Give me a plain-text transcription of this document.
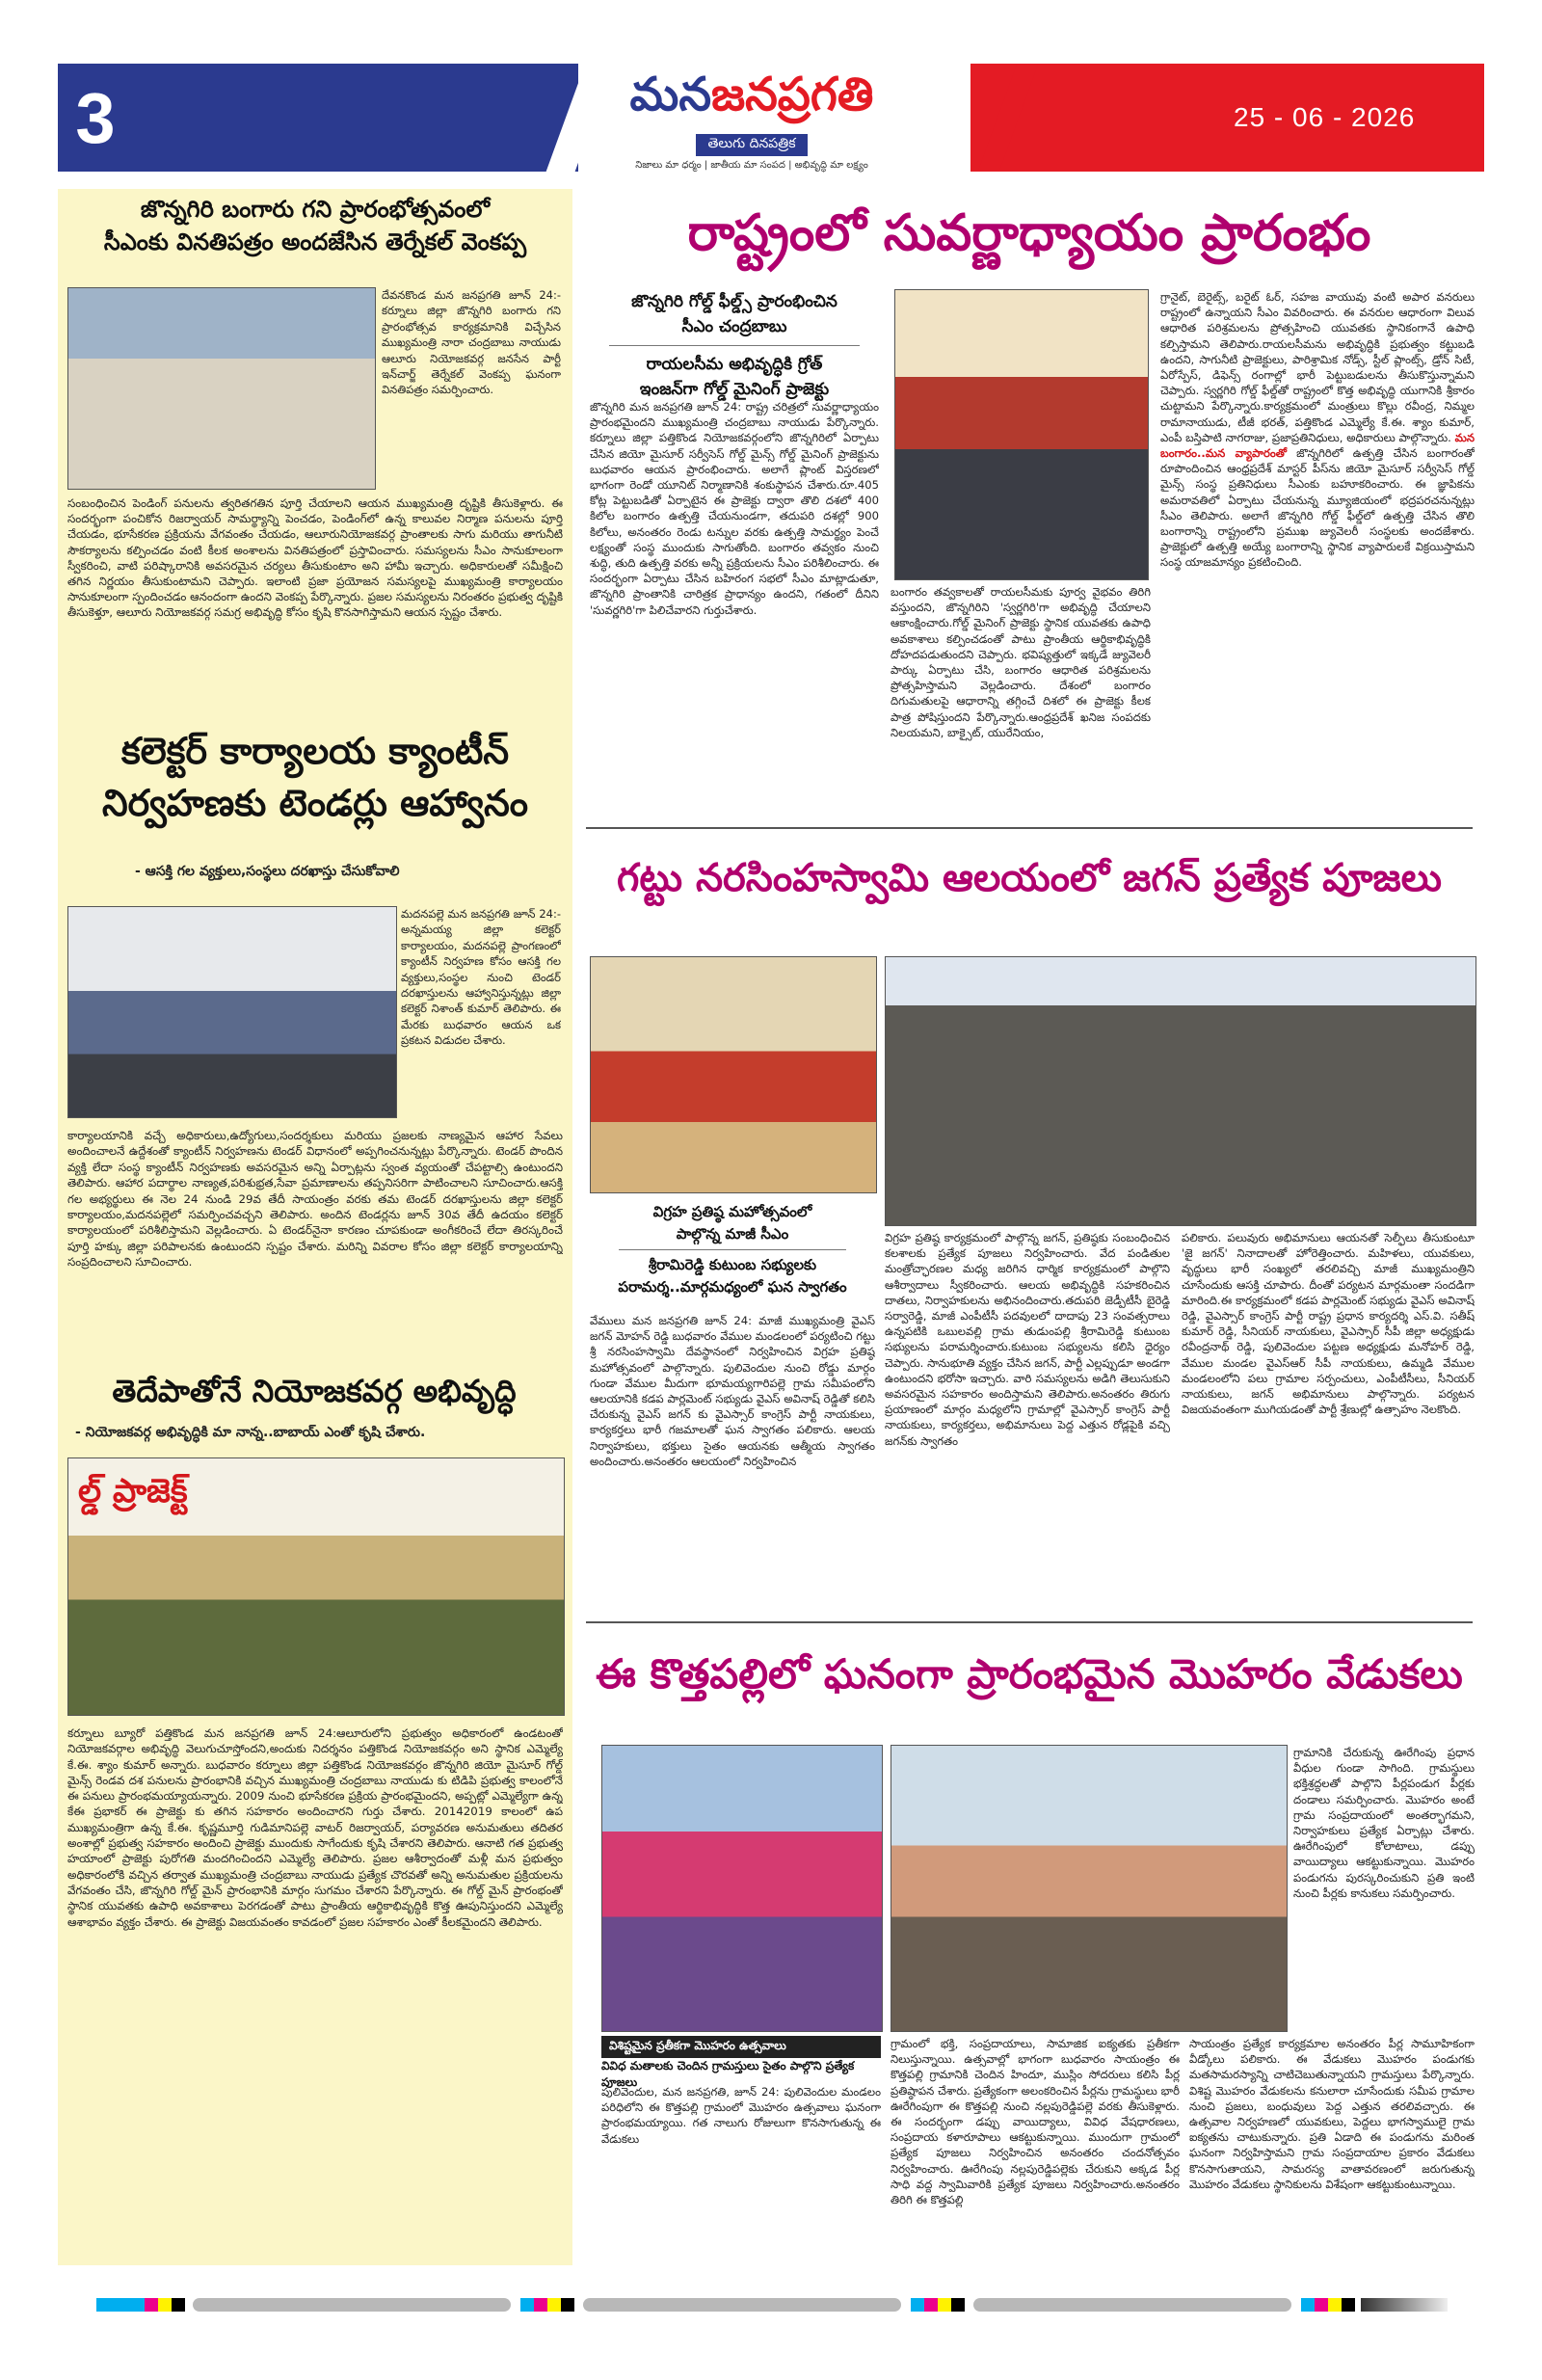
3	మనజనప్రగతి
తెలుగు దినపత్రిక
నిజాలు మా ధర్మం | జాతీయ మా సంపద | అభివృద్ధి మా లక్ష్యం
25 - 06 - 2026
జొన్నగిరి బంగారు గని ప్రారంభోత్సవంలో
సీఎంకు వినతిపత్రం అందజేసిన తెర్నేకల్ వెంకప్ప
దేవనకొండ మన జనప్రగతి జూన్ 24:-కర్నూలు జిల్లా జొన్నగిరి బంగారు గని ప్రారంభోత్సవ కార్యక్రమానికి విచ్చేసిన ముఖ్యమంత్రి నారా చంద్రబాబు నాయుడు ఆలూరు నియోజకవర్గ జనసేన పార్టీ ఇన్‌చార్జ్ తెర్నేకల్ వెంకప్ప ఘనంగా వినతిపత్రం సమర్పించారు.
సంబంధించిన పెండింగ్ పనులను త్వరితగతిన పూర్తి చేయాలని ఆయన ముఖ్యమంత్రి దృష్టికి తీసుకెళ్లారు. ఈ సందర్భంగా పంచికోన రిజర్వాయర్ సామర్థ్యాన్ని పెంచడం, పెండింగ్‌లో ఉన్న కాలువల నిర్మాణ పనులను పూర్తి చేయడం, భూసేకరణ ప్రక్రియను వేగవంతం చేయడం, ఆలూరునియోజకవర్గ ప్రాంతాలకు సాగు మరియు తాగునీటి సౌకర్యాలను కల్పించడం వంటి కీలక అంశాలను వినతిపత్రంలో ప్రస్తావించారు. సమస్యలను సీఎం సానుకూలంగా స్వీకరించి, వాటి పరిష్కారానికి అవసరమైన చర్యలు తీసుకుంటాం అని హామీ ఇచ్చారు. అధికారులతో సమీక్షించి తగిన నిర్ణయం తీసుకుంటామని చెప్పారు. ఇలాంటి ప్రజా ప్రయోజన సమస్యలపై ముఖ్యమంత్రి కార్యాలయం సానుకూలంగా స్పందించడం ఆనందంగా ఉందని వెంకప్ప పేర్కొన్నారు. ప్రజల సమస్యలను నిరంతరం ప్రభుత్వ దృష్టికి తీసుకెళ్తూ, ఆలూరు నియోజకవర్గ సమగ్ర అభివృద్ధి కోసం కృషి కొనసాగిస్తామని ఆయన స్పష్టం చేశారు.
కలెక్టర్ కార్యాలయ క్యాంటీన్
నిర్వహణకు టెండర్లు ఆహ్వానం
- ఆసక్తి గల వ్యక్తులు,సంస్థలు దరఖాస్తు చేసుకోవాలి
మదనపల్లె మన జనప్రగతి జూన్ 24:- అన్నమయ్య జిల్లా కలెక్టర్ కార్యాలయం, మదనపల్లె ప్రాంగణంలో క్యాంటీన్ నిర్వహణ కోసం ఆసక్తి గల వ్యక్తులు,సంస్థల నుంచి టెండర్ దరఖాస్తులను ఆహ్వానిస్తున్నట్లు జిల్లా కలెక్టర్ నిశాంత్ కుమార్ తెలిపారు. ఈ మేరకు బుధవారం ఆయన ఒక ప్రకటన విడుదల చేశారు.
కార్యాలయానికి వచ్చే అధికారులు,ఉద్యోగులు,సందర్శకులు మరియు ప్రజలకు నాణ్యమైన ఆహార సేవలు అందించాలనే ఉద్దేశంతో క్యాంటీన్ నిర్వహణను టెండర్ విధానంలో అప్పగించనున్నట్లు పేర్కొన్నారు. టెండర్ పొందిన వ్యక్తి లేదా సంస్థ క్యాంటీన్ నిర్వహణకు అవసరమైన అన్ని ఏర్పాట్లను స్వంత వ్యయంతో చేపట్టాల్సి ఉంటుందని తెలిపారు. ఆహార పదార్థాల నాణ్యత,పరిశుభ్రత,సేవా ప్రమాణాలను తప్పనిసరిగా పాటించాలని సూచించారు.ఆసక్తి గల అభ్యర్థులు ఈ నెల 24 నుండి 29వ తేదీ సాయంత్రం వరకు తమ టెండర్ దరఖాస్తులను జిల్లా కలెక్టర్ కార్యాలయం,మదనపల్లెలో సమర్పించవచ్చని తెలిపారు. అందిన టెండర్లను జూన్ 30వ తేదీ ఉదయం కలెక్టర్ కార్యాలయంలో పరిశీలిస్తామని వెల్లడించారు. ఏ టెండర్‌నైనా కారణం చూపకుండా అంగీకరించే లేదా తిరస్కరించే పూర్తి హక్కు జిల్లా పరిపాలనకు ఉంటుందని స్పష్టం చేశారు. మరిన్ని వివరాల కోసం జిల్లా కలెక్టర్ కార్యాలయాన్ని సంప్రదించాలని సూచించారు.
తెదేపాతోనే నియోజకవర్గ అభివృద్ధి
- నియోజకవర్గ అభివృద్ధికి మా నాన్న..బాబాయ్ ఎంతో కృషి చేశారు.
ల్డ్ ప్రాజెక్ట్
కర్నూలు బ్యూరో పత్తికొండ మన జనప్రగతి జూన్ 24:ఆలూరులోని ప్రభుత్వం అధికారంలో ఉండటంతో నియోజకవర్గాల అభివృద్ధి వెలుగుచూస్తోందని,అందుకు నిదర్శనం పత్తికొండ నియోజకవర్గం అని స్థానిక ఎమ్మెల్యే కే.ఈ. శ్యాం కుమార్ అన్నారు. బుధవారం కర్నూలు జిల్లా పత్తికొండ నియోజకవర్గం జొన్నగిరి జియో మైసూర్ గోల్డ్ మైన్స్ రెండవ దశ పనులను ప్రారంభానికి వచ్చిన ముఖ్యమంత్రి చంద్రబాబు నాయుడు కు టిడిపి ప్రభుత్వ కాలంలోనే ఈ పనులు ప్రారంభమయ్యాయన్నారు. 2009 నుంచి భూసేకరణ ప్రక్రియ ప్రారంభమైందని, అప్పట్లో ఎమ్మెల్యేగా ఉన్న కేఈ ప్రభాకర్ ఈ ప్రాజెక్టు కు తగిన సహకారం అందించారని గుర్తు చేశారు. 20142019 కాలంలో ఉప ముఖ్యమంత్రిగా ఉన్న కే.ఈ. కృష్ణమూర్తి గుడిమానిపల్లె వాటర్ రిజర్వాయర్, పర్యావరణ అనుమతులు తదితర అంశాల్లో ప్రభుత్వ సహకారం అందించి ప్రాజెక్టు ముందుకు సాగేందుకు కృషి చేశారని తెలిపారు. ఆనాటి గత ప్రభుత్వ హయాంలో ప్రాజెక్టు పురోగతి మందగించిందని ఎమ్మెల్యే తెలిపారు. ప్రజల ఆశీర్వాదంతో మళ్లీ మన ప్రభుత్వం అధికారంలోకి వచ్చిన తర్వాత ముఖ్యమంత్రి చంద్రబాబు నాయుడు ప్రత్యేక చొరవతో అన్ని అనుమతుల ప్రక్రియలను వేగవంతం చేసి, జొన్నగిరి గోల్డ్ మైన్ ప్రారంభానికి మార్గం సుగమం చేశారని పేర్కొన్నారు. ఈ గోల్డ్ మైన్ ప్రారంభంతో స్థానిక యువతకు ఉపాధి అవకాశాలు పెరగడంతో పాటు ప్రాంతీయ ఆర్థికాభివృద్ధికి కొత్త ఊపునిస్తుందని ఎమ్మెల్యే ఆశాభావం వ్యక్తం చేశారు. ఈ ప్రాజెక్టు విజయవంతం కావడంలో ప్రజల సహకారం ఎంతో కీలకమైందని తెలిపారు.
రాష్ట్రంలో సువర్ణాధ్యాయం ప్రారంభం
జొన్నగిరి గోల్డ్ ఫీల్డ్స్ ప్రారంభించిన
సీఎం చంద్రబాబు
రాయలసీమ అభివృద్ధికి గ్రోత్
ఇంజన్‌గా గోల్డ్ మైనింగ్ ప్రాజెక్టు
జొన్నగిరి మన జనప్రగతి జూన్ 24: రాష్ట్ర చరిత్రలో సువర్ణాధ్యాయం ప్రారంభమైందని ముఖ్యమంత్రి చంద్రబాబు నాయుడు పేర్కొన్నారు. కర్నూలు జిల్లా పత్తికొండ నియోజకవర్గంలోని జొన్నగిరిలో ఏర్పాటు చేసిన జియో మైసూర్‌ సర్వీసెస్ గోల్డ్ మైన్స్ గోల్డ్ మైనింగ్ ప్రాజెక్టును బుధవారం ఆయన ప్రారంభించారు. అలాగే ప్లాంట్ విస్తరణలో భాగంగా రెండో యూనిట్ నిర్మాణానికి శంకుస్థాపన చేశారు.రూ.405 కోట్ల పెట్టుబడితో ఏర్పాటైన ఈ ప్రాజెక్టు ద్వారా తొలి దశలో 400 కిలోల బంగారం ఉత్పత్తి చేయనుండగా, తదుపరి దశల్లో 900 కిలోలు, అనంతరం రెండు టన్నుల వరకు ఉత్పత్తి సామర్థ్యం పెంచే లక్ష్యంతో సంస్థ ముందుకు సాగుతోంది. బంగారం తవ్వకం నుంచి శుద్ధి, తుది ఉత్పత్తి వరకు అన్నీ ప్రక్రియలను సీఎం పరిశీలించారు. ఈ సందర్భంగా ఏర్పాటు చేసిన బహిరంగ సభలో సీఎం మాట్లాడుతూ, జొన్నగిరి ప్రాంతానికి చారిత్రక ప్రాధాన్యం ఉందని, గతంలో దీనిని 'సువర్ణగిరి'గా పిలిచేవారని గుర్తుచేశారు.
బంగారం తవ్వకాలతో రాయలసీమకు పూర్వ వైభవం తిరిగి వస్తుందని, జొన్నగిరిని 'స్వర్ణగిరి'గా అభివృద్ధి చేయాలని ఆకాంక్షించారు.గోల్డ్ మైనింగ్ ప్రాజెక్టు స్థానిక యువతకు ఉపాధి అవకాశాలు కల్పించడంతో పాటు ప్రాంతీయ ఆర్థికాభివృద్ధికి దోహదపడుతుందని చెప్పారు. భవిష్యత్తులో ఇక్కడే జ్యువెలరీ పార్కు ఏర్పాటు చేసి, బంగారం ఆధారిత పరిశ్రమలను ప్రోత్సహిస్తామని వెల్లడించారు. దేశంలో బంగారం దిగుమతులపై ఆధారాన్ని తగ్గించే దిశలో ఈ ప్రాజెక్టు కీలక పాత్ర పోషిస్తుందని పేర్కొన్నారు.ఆంధ్రప్రదేశ్ ఖనిజ సంపదకు నిలయమని, బాక్సైట్, యురేనియం,
గ్రానైట్, బెరైట్స్, బరైట్ ఓర్, సహజ వాయువు వంటి అపార వనరులు రాష్ట్రంలో ఉన్నాయని సీఎం వివరించారు. ఈ వనరుల ఆధారంగా విలువ ఆధారిత పరిశ్రమలను ప్రోత్సహించి యువతకు స్థానికంగానే ఉపాధి కల్పిస్తామని తెలిపారు.రాయలసీమను అభివృద్ధికి ప్రభుత్వం కట్టుబడి ఉందని, సాగునీటి ప్రాజెక్టులు, పారిశ్రామిక నోడ్స్, స్టీల్ ప్లాంట్స్, డ్రోన్ సిటీ, ఏరోస్పేస్, డిఫెన్స్ రంగాల్లో భారీ పెట్టుబడులను తీసుకొస్తున్నామని చెప్పారు. స్వర్ణగిరి గోల్డ్ ఫీల్డ్‌తో రాష్ట్రంలో కొత్త అభివృద్ధి యుగానికి శ్రీకారం చుట్టామని పేర్కొన్నారు.కార్యక్రమంలో మంత్రులు కొల్లు రవీంద్ర, నిమ్మల రామానాయుడు, టీజీ భరత్, పత్తికొండ ఎమ్మెల్యే కే.ఈ. శ్యాం కుమార్, ఎంపీ బస్తిపాటి నాగరాజు, ప్రజాప్రతినిధులు, అధికారులు పాల్గొన్నారు. మన బంగారం..మన వ్యాపారంతో జొన్నగిరిలో ఉత్పత్తి చేసిన బంగారంతో రూపొందించిన ఆంధ్రప్రదేశ్ మాస్టర్ పీస్‌ను జియో మైసూర్ సర్వీసెస్ గోల్డ్ మైన్స్ సంస్థ ప్రతినిధులు సీఎంకు బహూకరించారు. ఈ జ్ఞాపికను అమరావతిలో ఏర్పాటు చేయనున్న మ్యూజియంలో భద్రపరచనున్నట్లు సీఎం తెలిపారు. అలాగే జొన్నగిరి గోల్డ్ ఫీల్డ్‌లో ఉత్పత్తి చేసిన తొలి బంగారాన్ని రాష్ట్రంలోని ప్రముఖ జ్యువెలరీ సంస్థలకు అందజేశారు. ప్రాజెక్టులో ఉత్పత్తి అయ్యే బంగారాన్ని స్థానిక వ్యాపారులకే విక్రయిస్తామని సంస్థ యాజమాన్యం ప్రకటించింది.
గట్టు నరసింహస్వామి ఆలయంలో జగన్ ప్రత్యేక పూజలు
విగ్రహ ప్రతిష్ఠ మహోత్సవంలో
పాల్గొన్న మాజీ సీఎం
శ్రీరామిరెడ్డి కుటుంబ సభ్యులకు
పరామర్శ..మార్గమధ్యంలో ఘన స్వాగతం
వేములు మన జనప్రగతి జూన్ 24: మాజీ ముఖ్యమంత్రి వైఎస్ జగన్ మోహన్ రెడ్డి బుధవారం వేముల మండలంలో పర్యటించి గట్టు శ్రీ నరసింహస్వామి దేవస్థానంలో నిర్వహించిన విగ్రహ ప్రతిష్ఠ మహోత్సవంలో పాల్గొన్నారు. పులివెందుల నుంచి రోడ్డు మార్గం గుండా వేముల మీదుగా భూమయ్యగారిపల్లె గ్రామ సమీపంలోని ఆలయానికి కడప పార్లమెంట్ సభ్యుడు వైఎస్ అవినాష్ రెడ్డితో కలిసి చేరుకున్న వైఎస్ జగన్ కు వైఎస్సార్ కాంగ్రెస్ పార్టీ నాయకులు, కార్యకర్తలు భారీ గజమాలతో ఘన స్వాగతం పలికారు. ఆలయ నిర్వాహకులు, భక్తులు సైతం ఆయనకు ఆత్మీయ స్వాగతం అందించారు.అనంతరం ఆలయంలో నిర్వహించిన
విగ్రహ ప్రతిష్ఠ కార్యక్రమంలో పాల్గొన్న జగన్, ప్రతిష్ఠకు సంబంధించిన కలశాలకు ప్రత్యేక పూజలు నిర్వహించారు. వేద పండితుల మంత్రోచ్ఛారణల మధ్య జరిగిన ధార్మిక కార్యక్రమంలో పాల్గొని ఆశీర్వాదాలు స్వీకరించారు. ఆలయ అభివృద్ధికి సహకరించిన దాతలు, నిర్వాహకులను అభినందించారు.తదుపరి జెడ్పీటీసీ బైరెడ్డి సర్వారెడ్డి, మాజీ ఎంపీటీసీ పదవులలో దాదాపు 23 సంవత్సరాలు ఉన్నపటికి ఒబులవల్లి గ్రామ తుడుంపల్లి శ్రీరామిరెడ్డి కుటుంబ సభ్యులను పరామర్శించారు.కుటుంబ సభ్యులను కలిసి ధైర్యం చెప్పారు. సానుభూతి వ్యక్తం చేసిన జగన్, పార్టీ ఎల్లప్పుడూ అండగా ఉంటుందని భరోసా ఇచ్చారు. వారి సమస్యలను అడిగి తెలుసుకుని అవసరమైన సహకారం అందిస్తామని తెలిపారు.అనంతరం తిరుగు ప్రయాణంలో మార్గం మధ్యలోని గ్రామాల్లో వైఎస్సార్ కాంగ్రెస్ పార్టీ నాయకులు, కార్యకర్తలు, అభిమానులు పెద్ద ఎత్తున రోడ్లపైకి వచ్చి జగన్‌కు స్వాగతం
పలికారు. పలువురు అభిమానులు ఆయనతో సెల్ఫీలు తీసుకుంటూ 'జై జగన్' నినాదాలతో హోరెత్తించారు. మహిళలు, యువకులు, వృద్ధులు భారీ సంఖ్యలో తరలివచ్చి మాజీ ముఖ్యమంత్రిని చూసేందుకు ఆసక్తి చూపారు. దీంతో పర్యటన మార్గమంతా సందడిగా మారింది.ఈ కార్యక్రమంలో కడప పార్లమెంట్ సభ్యుడు వైఎస్ అవినాష్ రెడ్డి, వైఎస్సార్ కాంగ్రెస్ పార్టీ రాష్ట్ర ప్రధాన కార్యదర్శి ఎస్.వి. సతీష్ కుమార్ రెడ్డి, సీనియర్ నాయకులు, వైఎస్సార్ సీపీ జిల్లా అధ్యక్షుడు రవీంద్రనాథ్ రెడ్డి, పులివెందుల పట్టణ అధ్యక్షుడు మనోహర్ రెడ్డి, వేముల మండల వైఎస్ఆర్ సీపీ నాయకులు, ఉమ్మడి వేముల మండలంలోని పలు గ్రామాల సర్పంచులు, ఎంపీటీసీలు, సీనియర్ నాయకులు, జగన్ అభిమానులు పాల్గొన్నారు. పర్యటన విజయవంతంగా ముగియడంతో పార్టీ శ్రేణుల్లో ఉత్సాహం నెలకొంది.
ఈ కొత్తపల్లిలో ఘనంగా ప్రారంభమైన మొహరం వేడుకలు
గ్రామానికి చేరుకున్న ఊరేగింపు ప్రధాన వీధుల గుండా సాగింది. గ్రామస్థులు భక్తిశ్రద్ధలతో పాల్గొని పీర్లపండుగ పీర్లకు దండాలు సమర్పించారు. మొహరం అంటే గ్రామ సంప్రదాయంలో అంతర్భాగమని, నిర్వాహకులు ప్రత్యేక ఏర్పాట్లు చేశారు. ఊరేగింపులో కోలాటాలు, డప్పు వాయిద్యాలు ఆకట్టుకున్నాయి. మొహరం పండుగను పురస్కరించుకుని ప్రతి ఇంటి నుంచి పీర్లకు కానుకలు సమర్పించారు.
విశిష్టమైన ప్రతీకగా మొహరం ఉత్సవాలు
వివిధ మతాలకు చెందిన గ్రామస్తులు సైతం పాల్గొని ప్రత్యేక పూజలు
పులివెందుల, మన జనప్రగతి, జూన్ 24: పులివెందుల మండలం పరిధిలోని ఈ కొత్తపల్లి గ్రామంలో మొహరం ఉత్సవాలు ఘనంగా ప్రారంభమయ్యాయి. గత నాలుగు రోజులుగా కొనసాగుతున్న ఈ వేడుకలు
గ్రామంలో భక్తి, సంప్రదాయాలు, సామాజిక ఐక్యతకు ప్రతీకగా నిలుస్తున్నాయి. ఉత్సవాల్లో భాగంగా బుధవారం సాయంత్రం ఈ కొత్తపల్లి గ్రామానికి చెందిన హిందూ, ముస్లిం సోదరులు కలిసి పీర్ల ప్రతిష్ఠాపన చేశారు. ప్రత్యేకంగా అలంకరించిన పీర్లను గ్రామస్థులు భారీ ఊరేగింపుగా ఈ కొత్తపల్లి నుంచి నల్లపురెడ్డిపల్లె వరకు తీసుకెళ్లారు. ఈ సందర్భంగా డప్పు వాయిద్యాలు, వివిధ వేషధారణలు, సంప్రదాయ కళారూపాలు ఆకట్టుకున్నాయి. ముందుగా గ్రామంలో ప్రత్యేక పూజలు నిర్వహించిన అనంతరం చందనోత్సవం నిర్వహించారు. ఊరేగింపు నల్లపురెడ్డిపల్లెకు చేరుకుని అక్కడ పీర్ల సాధి వద్ద స్వామివారికి ప్రత్యేక పూజలు నిర్వహించారు.అనంతరం తిరిగి ఈ కొత్తపల్లి
సాయంత్రం ప్రత్యేక కార్యక్రమాల అనంతరం పీర్ల సామూహికంగా వీడ్కోలు పలికారు. ఈ వేడుకలు మొహరం పండుగకు మతసామరస్యాన్ని చాటిచెబుతున్నాయని గ్రామస్తులు పేర్కొన్నారు. విశిష్ట మొహరం వేడుకలను కనులారా చూసేందుకు సమీప గ్రామాల నుంచి ప్రజలు, బంధువులు పెద్ద ఎత్తున తరలివచ్చారు. ఈ ఉత్సవాల నిర్వహణలో యువకులు, పెద్దలు భాగస్వాములై గ్రామ ఐక్యతను చాటుకున్నారు. ప్రతి ఏడాది ఈ పండుగను మరింత ఘనంగా నిర్వహిస్తామని గ్రామ సంప్రదాయాల ప్రకారం వేడుకలు కొనసాగుతాయని, సామరస్య వాతావరణంలో జరుగుతున్న మొహరం వేడుకలు స్థానికులను విశేషంగా ఆకట్టుకుంటున్నాయి.
